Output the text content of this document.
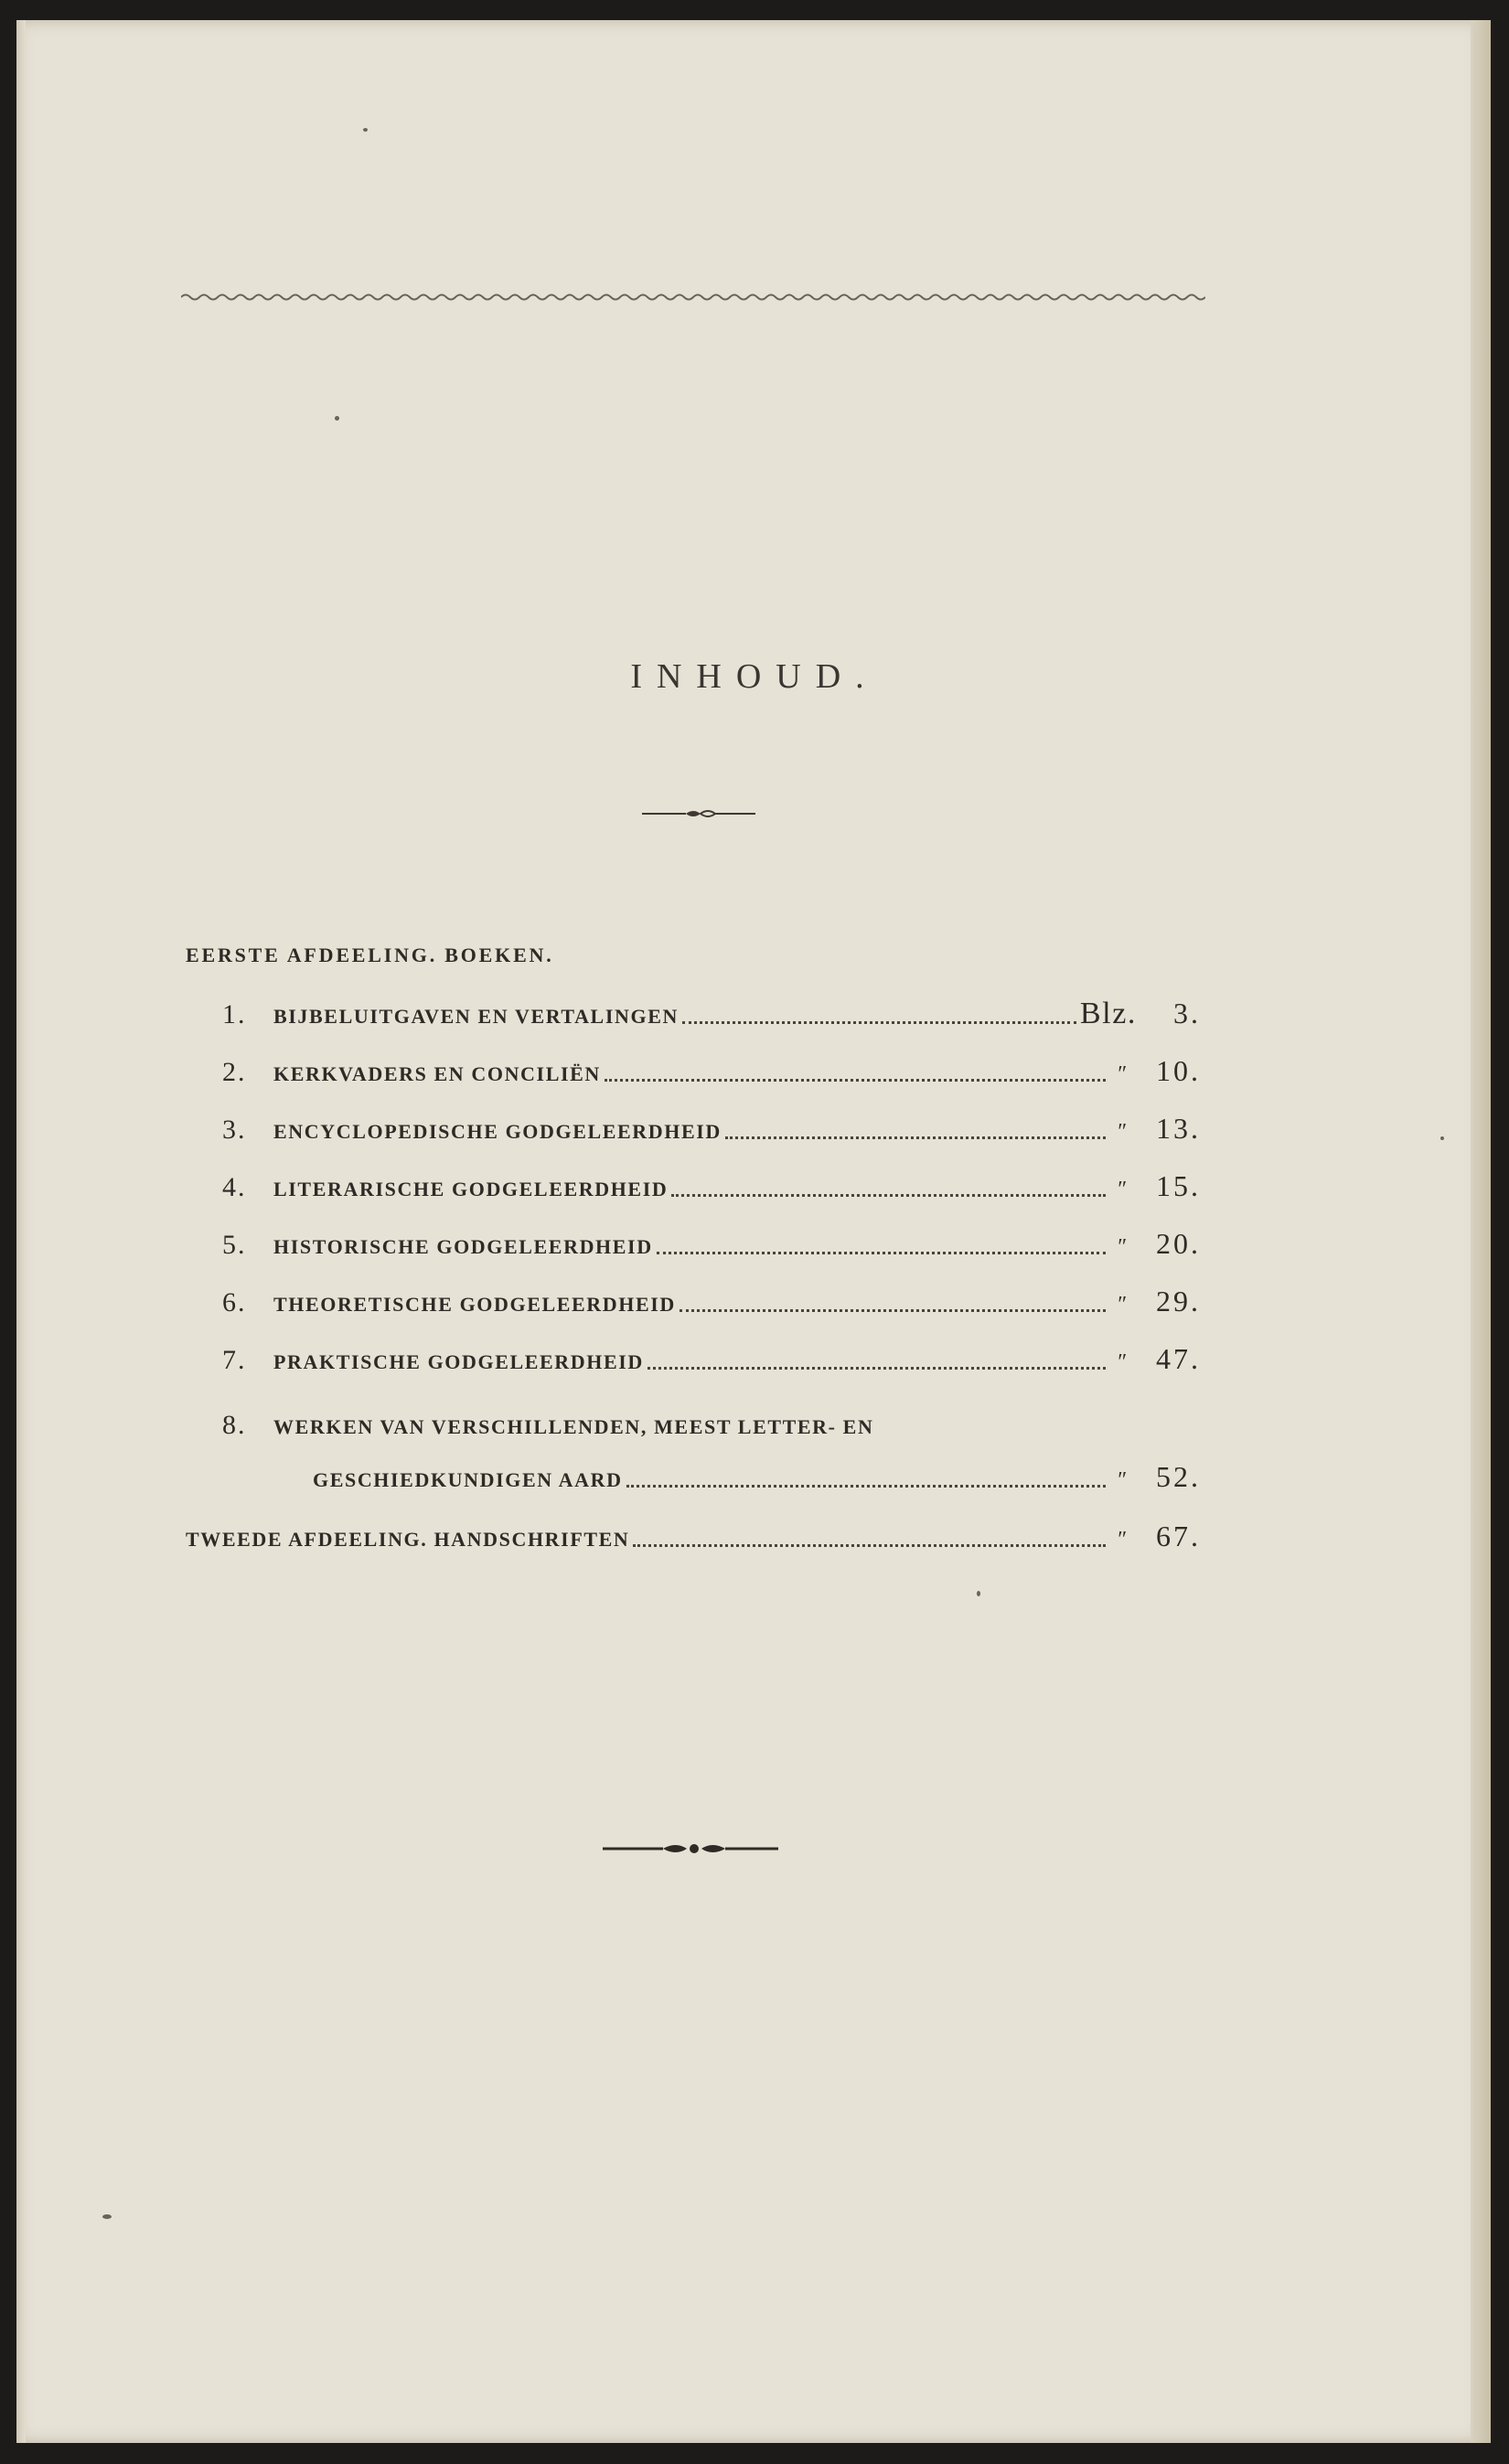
INHOUD.
EERSTE AFDEELING. BOEKEN.
1.	BIJBELUITGAVEN EN VERTALINGEN	Blz.	3.
2.	KERKVADERS EN CONCILIËN	″ 10.
3.	ENCYCLOPEDISCHE GODGELEERDHEID	″ 13.
4.	LITERARISCHE GODGELEERDHEID	″ 15.
5.	HISTORISCHE GODGELEERDHEID	″ 20.
6.	THEORETISCHE GODGELEERDHEID	″ 29.
7.	PRAKTISCHE GODGELEERDHEID	″ 47.
8.	WERKEN VAN VERSCHILLENDEN, MEEST LETTER- EN
GESCHIEDKUNDIGEN AARD	″ 52.
TWEEDE AFDEELING. HANDSCHRIFTEN	″ 67.
